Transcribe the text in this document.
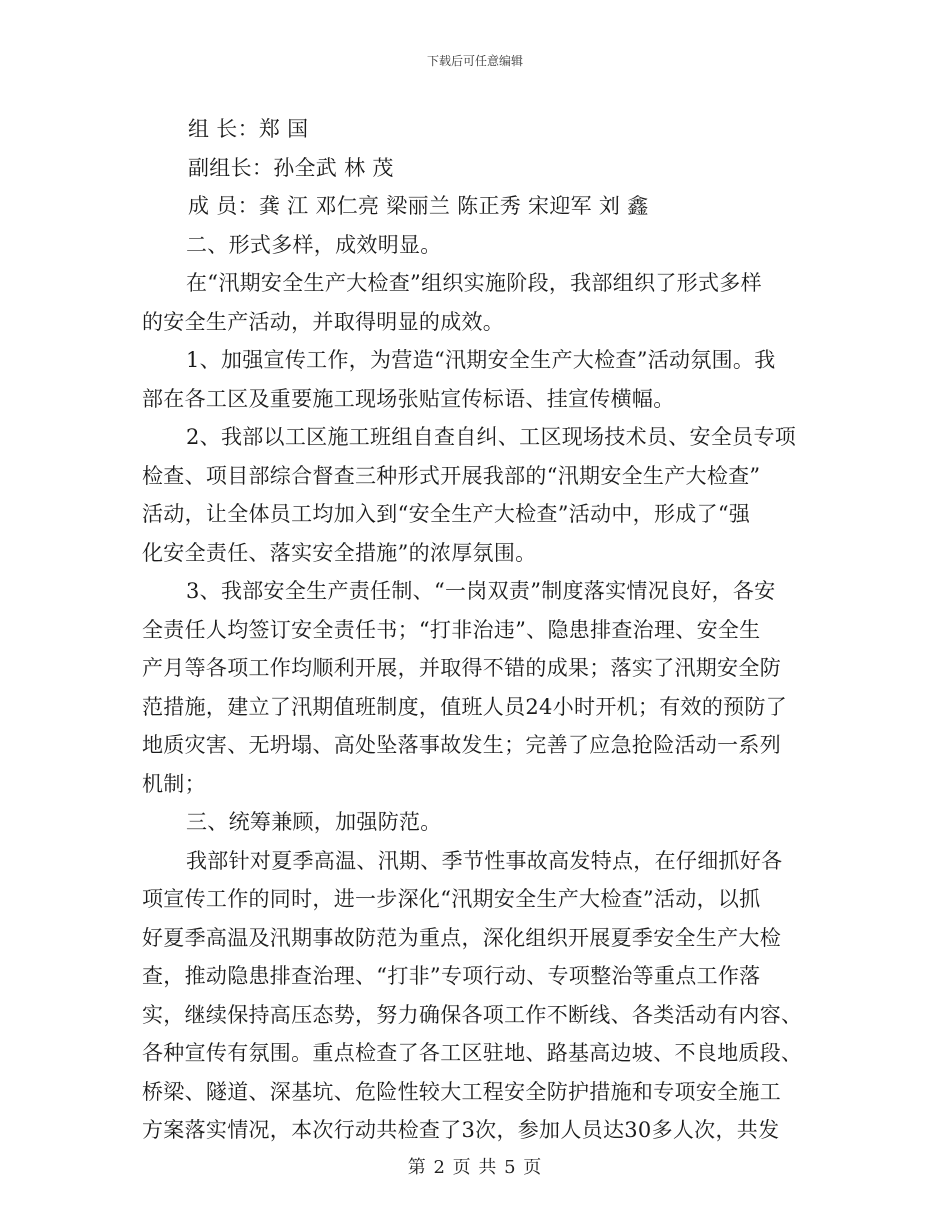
下载后可任意编辑
组 长：郑 国
副组长：孙全武 林 茂
成 员：龚 江 邓仁亮 梁丽兰 陈正秀 宋迎军 刘 鑫
二、形式多样，成效明显。
在“汛期安全生产大检查”组织实施阶段，我部组织了形式多样
的安全生产活动，并取得明显的成效。
1、加强宣传工作，为营造“汛期安全生产大检查”活动氛围。我
部在各工区及重要施工现场张贴宣传标语、挂宣传横幅。
2、我部以工区施工班组自查自纠、工区现场技术员、安全员专项
检查、项目部综合督查三种形式开展我部的“汛期安全生产大检查”
活动，让全体员工均加入到“安全生产大检查”活动中，形成了“强
化安全责任、落实安全措施”的浓厚氛围。
3、我部安全生产责任制、“一岗双责”制度落实情况良好，各安
全责任人均签订安全责任书；“打非治违”、隐患排查治理、安全生
产月等各项工作均顺利开展，并取得不错的成果；落实了汛期安全防
范措施，建立了汛期值班制度，值班人员24小时开机；有效的预防了
地质灾害、无坍塌、高处坠落事故发生；完善了应急抢险活动一系列
机制；
三、统筹兼顾，加强防范。
我部针对夏季高温、汛期、季节性事故高发特点，在仔细抓好各
项宣传工作的同时，进一步深化“汛期安全生产大检查”活动，以抓
好夏季高温及汛期事故防范为重点，深化组织开展夏季安全生产大检
查，推动隐患排查治理、“打非”专项行动、专项整治等重点工作落
实，继续保持高压态势，努力确保各项工作不断线、各类活动有内容、
各种宣传有氛围。重点检查了各工区驻地、路基高边坡、不良地质段、
桥梁、隧道、深基坑、危险性较大工程安全防护措施和专项安全施工
方案落实情况，本次行动共检查了3次，参加人员达30多人次，共发
第 2 页 共 5 页
